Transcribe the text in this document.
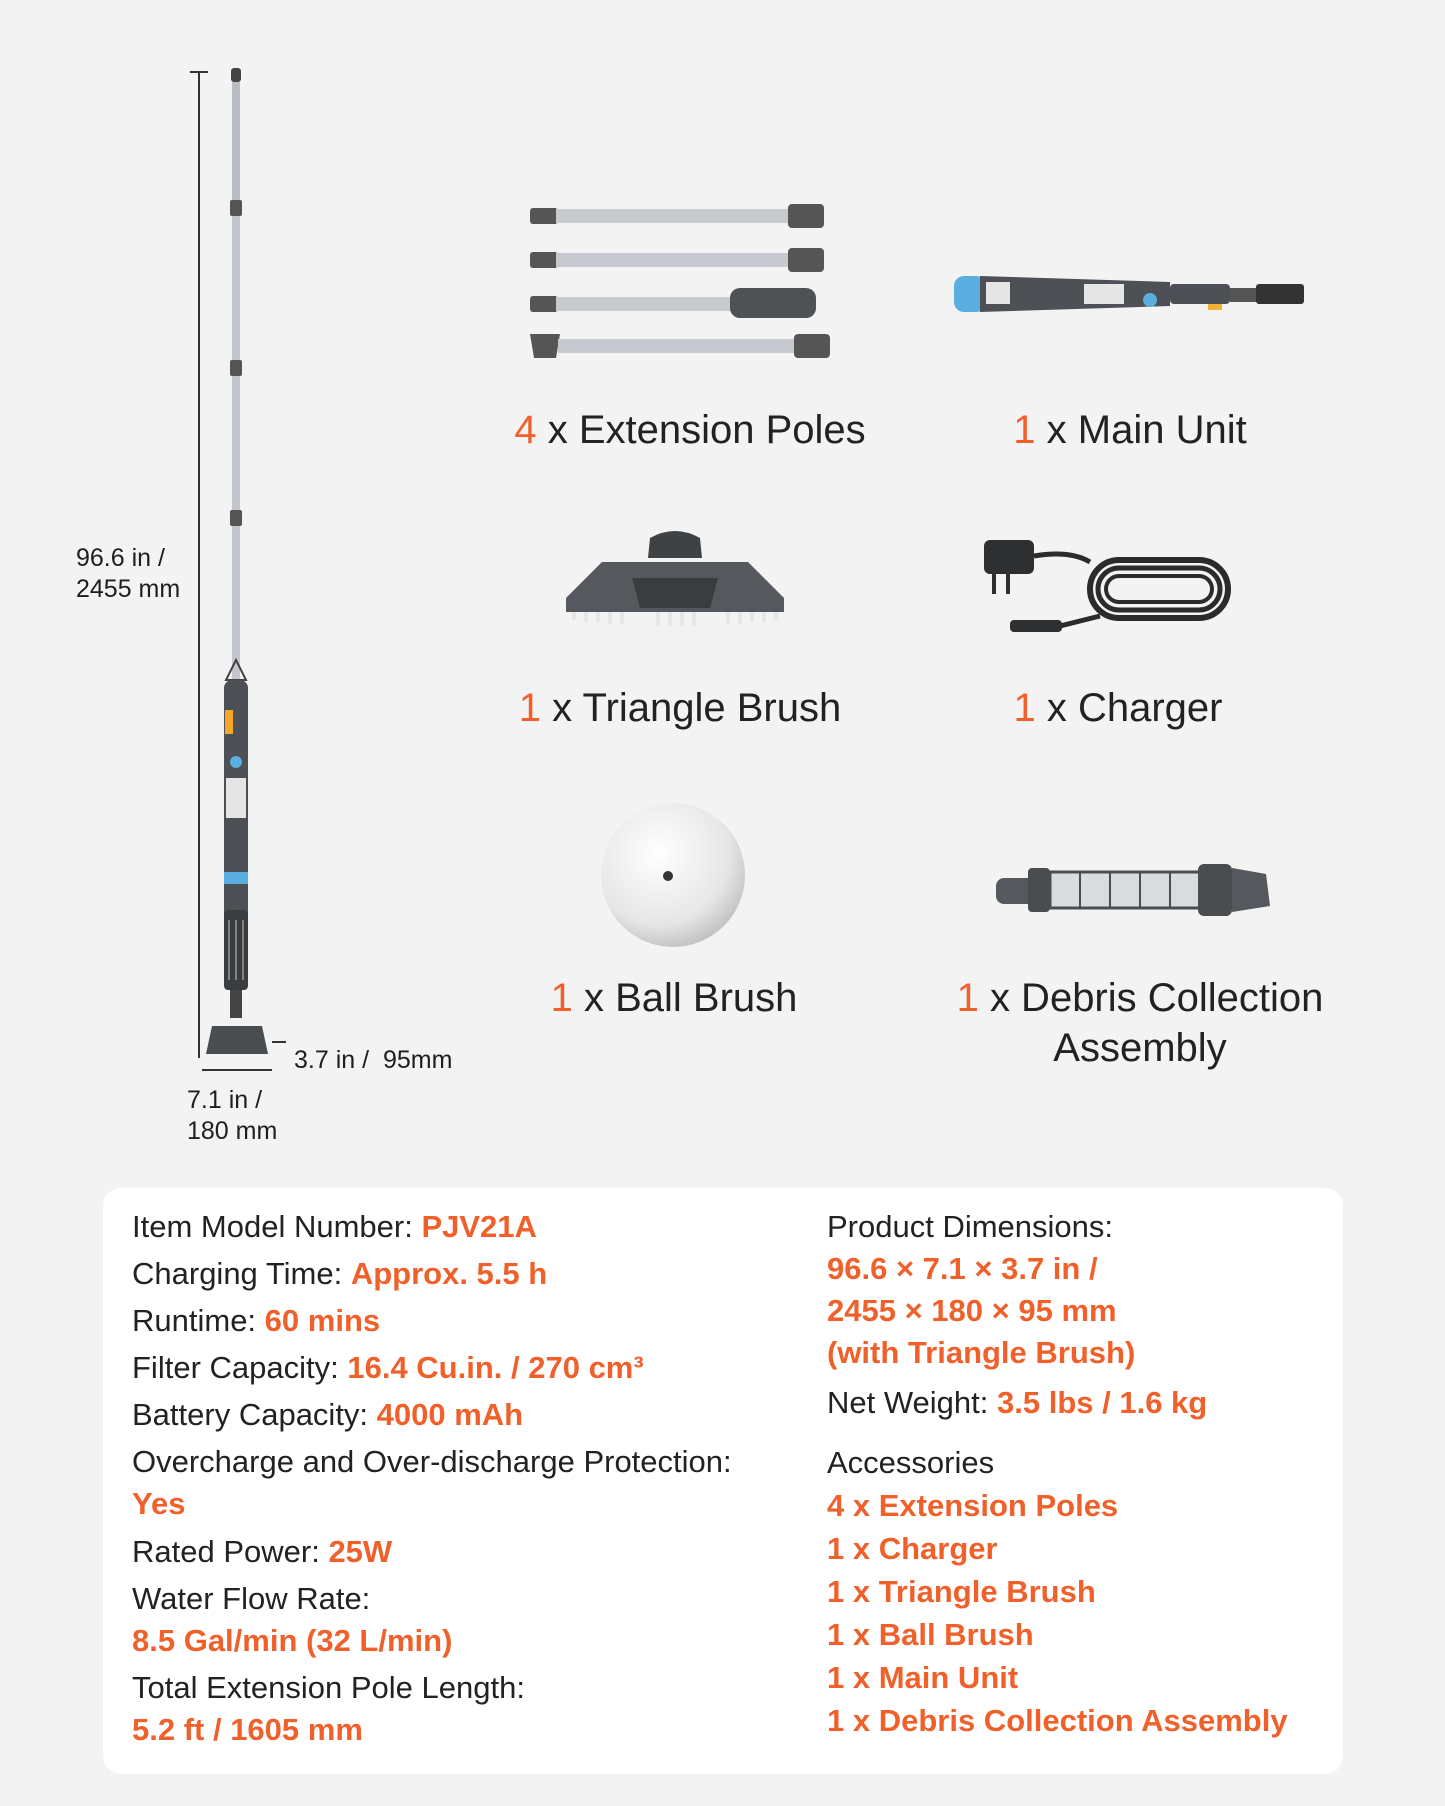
96.6 in /
2455 mm
3.7 in /  95mm
7.1 in /
180 mm
4 x Extension Poles	1 x Main Unit
1 x Triangle Brush	1 x Charger
1 x Ball Brush	1 x Debris Collection
Assembly
Item Model Number: PJV21A
Charging Time: Approx. 5.5 h
Runtime: 60 mins
Filter Capacity: 16.4 Cu.in. / 270 cm³
Battery Capacity: 4000 mAh
Overcharge and Over-discharge Protection:
Yes
Rated Power: 25W
Water Flow Rate:
8.5 Gal/min (32 L/min)
Total Extension Pole Length:
5.2 ft / 1605 mm
Product Dimensions:
96.6 × 7.1 × 3.7 in /
2455 × 180 × 95 mm
(with Triangle Brush)
Net Weight: 3.5 lbs / 1.6 kg
Accessories
4 x Extension Poles
1 x Charger
1 x Triangle Brush
1 x Ball Brush
1 x Main Unit
1 x Debris Collection Assembly
